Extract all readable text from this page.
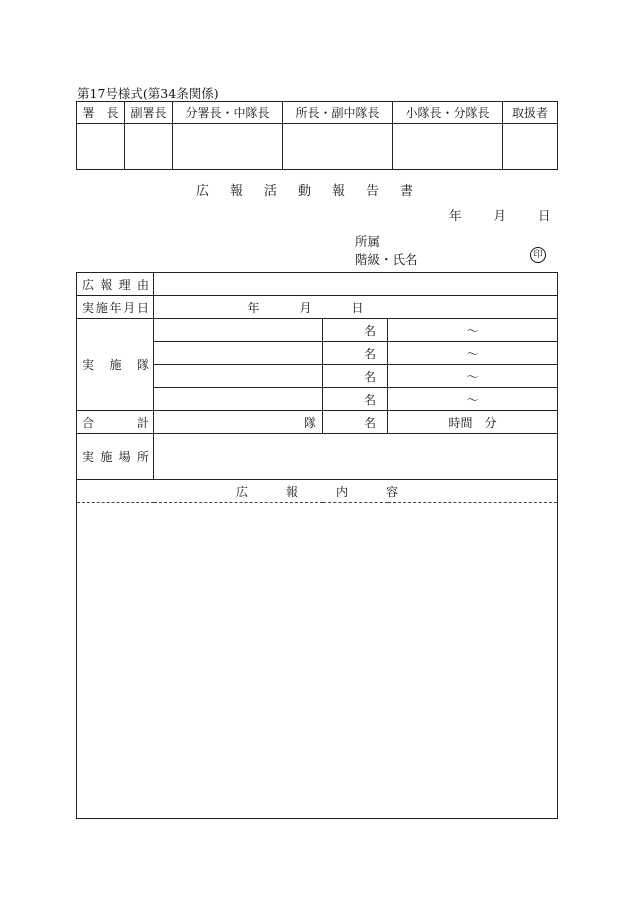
第17号様式(第34条関係)
署　長	副署長	分署長・中隊長	所長・副中隊長	小隊長・分隊長	取扱者

広報活動報告書
年	月	日
所属
階級・氏名	印
広報理由			
実施年月日	年 月 日		
実施隊		名	～
		名	～
		名	～
		名	～
合計	隊	名	時間　分
実施場所			
広報内容			
